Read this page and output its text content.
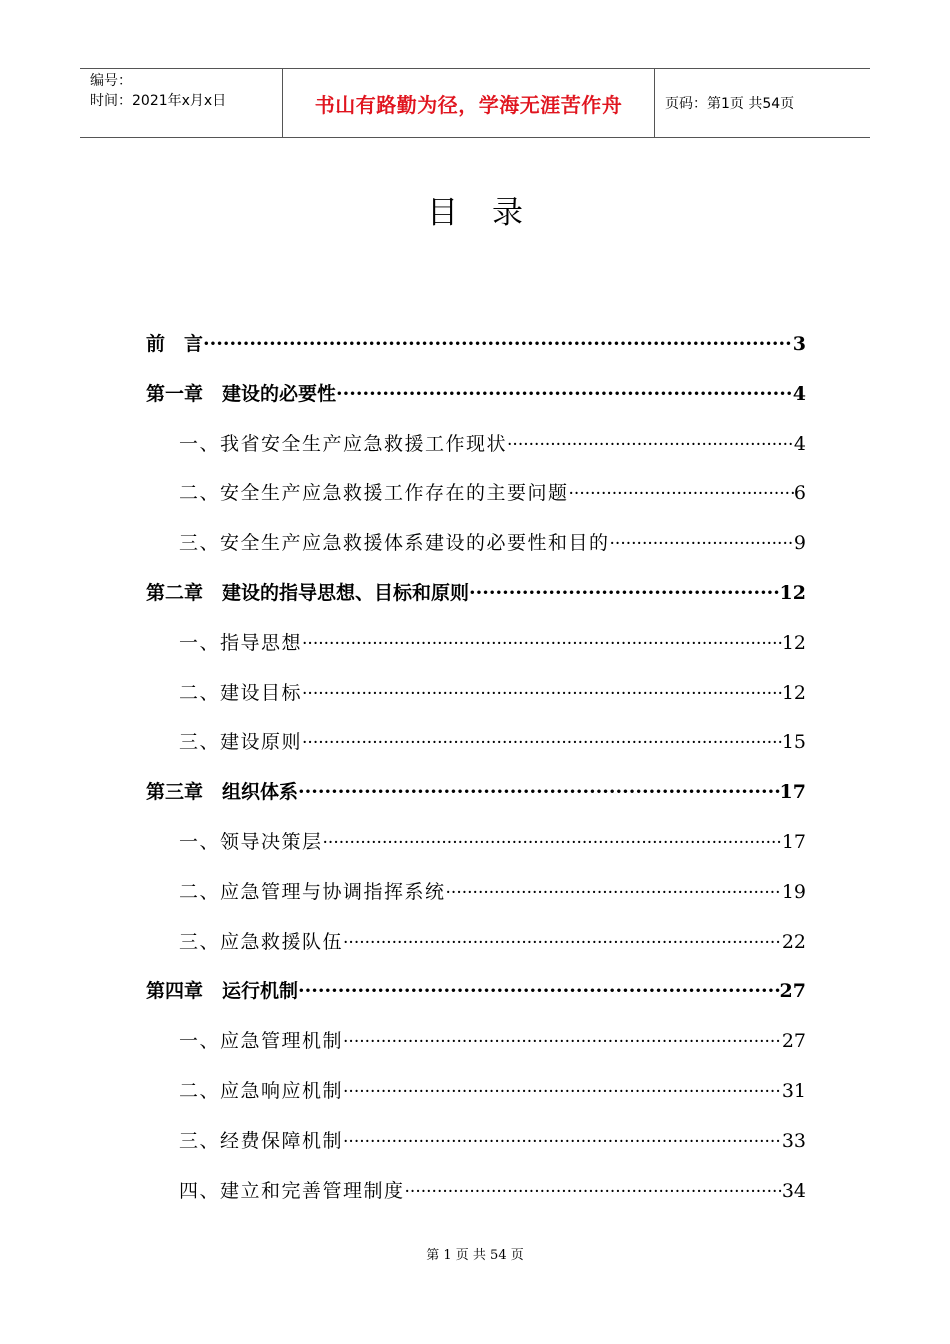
编号：
时间：2021年x月x日	书山有路勤为径，学海无涯苦作舟	页码：第1页 共54页
目录
前　言 ·····	3
第一章　建设的必要性 ·····	4
一、我省安全生产应急救援工作现状 ·····	4
二、安全生产应急救援工作存在的主要问题 ·····	6
三、安全生产应急救援体系建设的必要性和目的 ·····	9
第二章　建设的指导思想、目标和原则 ·····	12
一、指导思想 ·····	12
二、建设目标 ·····	12
三、建设原则 ·····	15
第三章　组织体系 ·····	17
一、领导决策层 ·····	17
二、应急管理与协调指挥系统 ·····	19
三、应急救援队伍 ·····	22
第四章　运行机制 ·····	27
一、应急管理机制 ·····	27
二、应急响应机制 ·····	31
三、经费保障机制 ·····	33
四、建立和完善管理制度 ·····	34
第 1 页 共 54 页
